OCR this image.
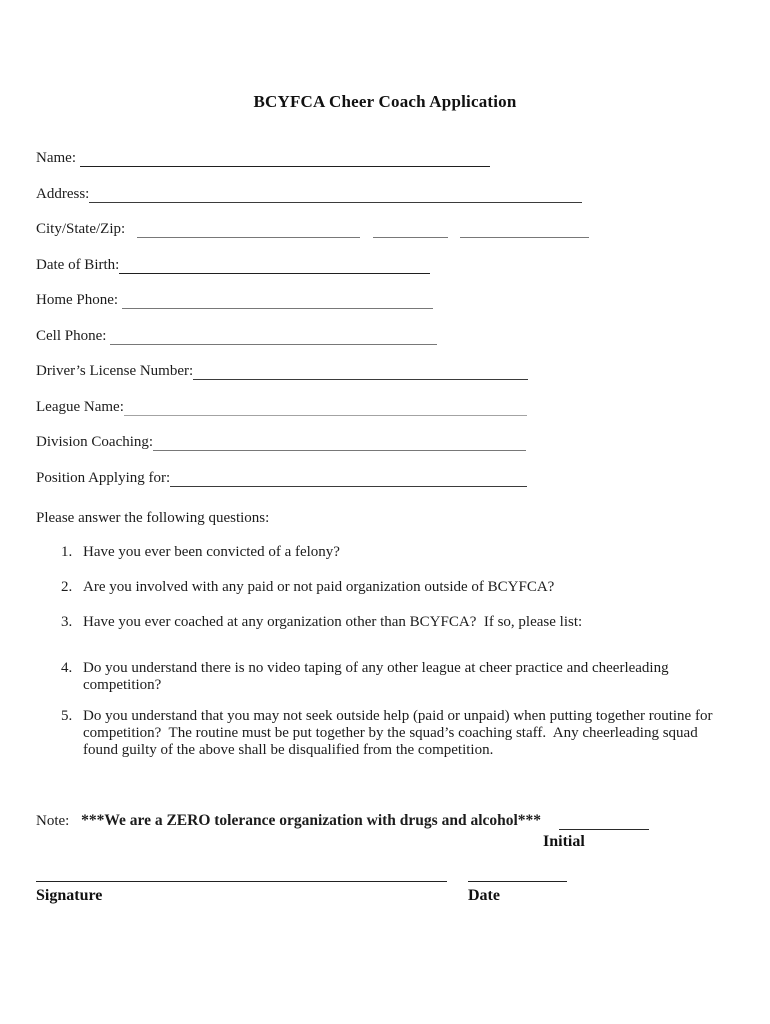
BCYFCA Cheer Coach Application
Name:
Address:
City/State/Zip:
Date of Birth:
Home Phone:
Cell Phone:
Driver’s License Number:
League Name:
Division Coaching:
Position Applying for:
Please answer the following questions:
1. Have you ever been convicted of a felony?
2. Are you involved with any paid or not paid organization outside of BCYFCA?
3. Have you ever coached at any organization other than BCYFCA?  If so, please list:
4. Do you understand there is no video taping of any other league at cheer practice and cheerleading competition?
5. Do you understand that you may not seek outside help (paid or unpaid) when putting together routine for competition?  The routine must be put together by the squad’s coaching staff.  Any cheerleading squad found guilty of the above shall be disqualified from the competition.
Note: ***We are a ZERO tolerance organization with drugs and alcohol***
Initial
Signature	Date
